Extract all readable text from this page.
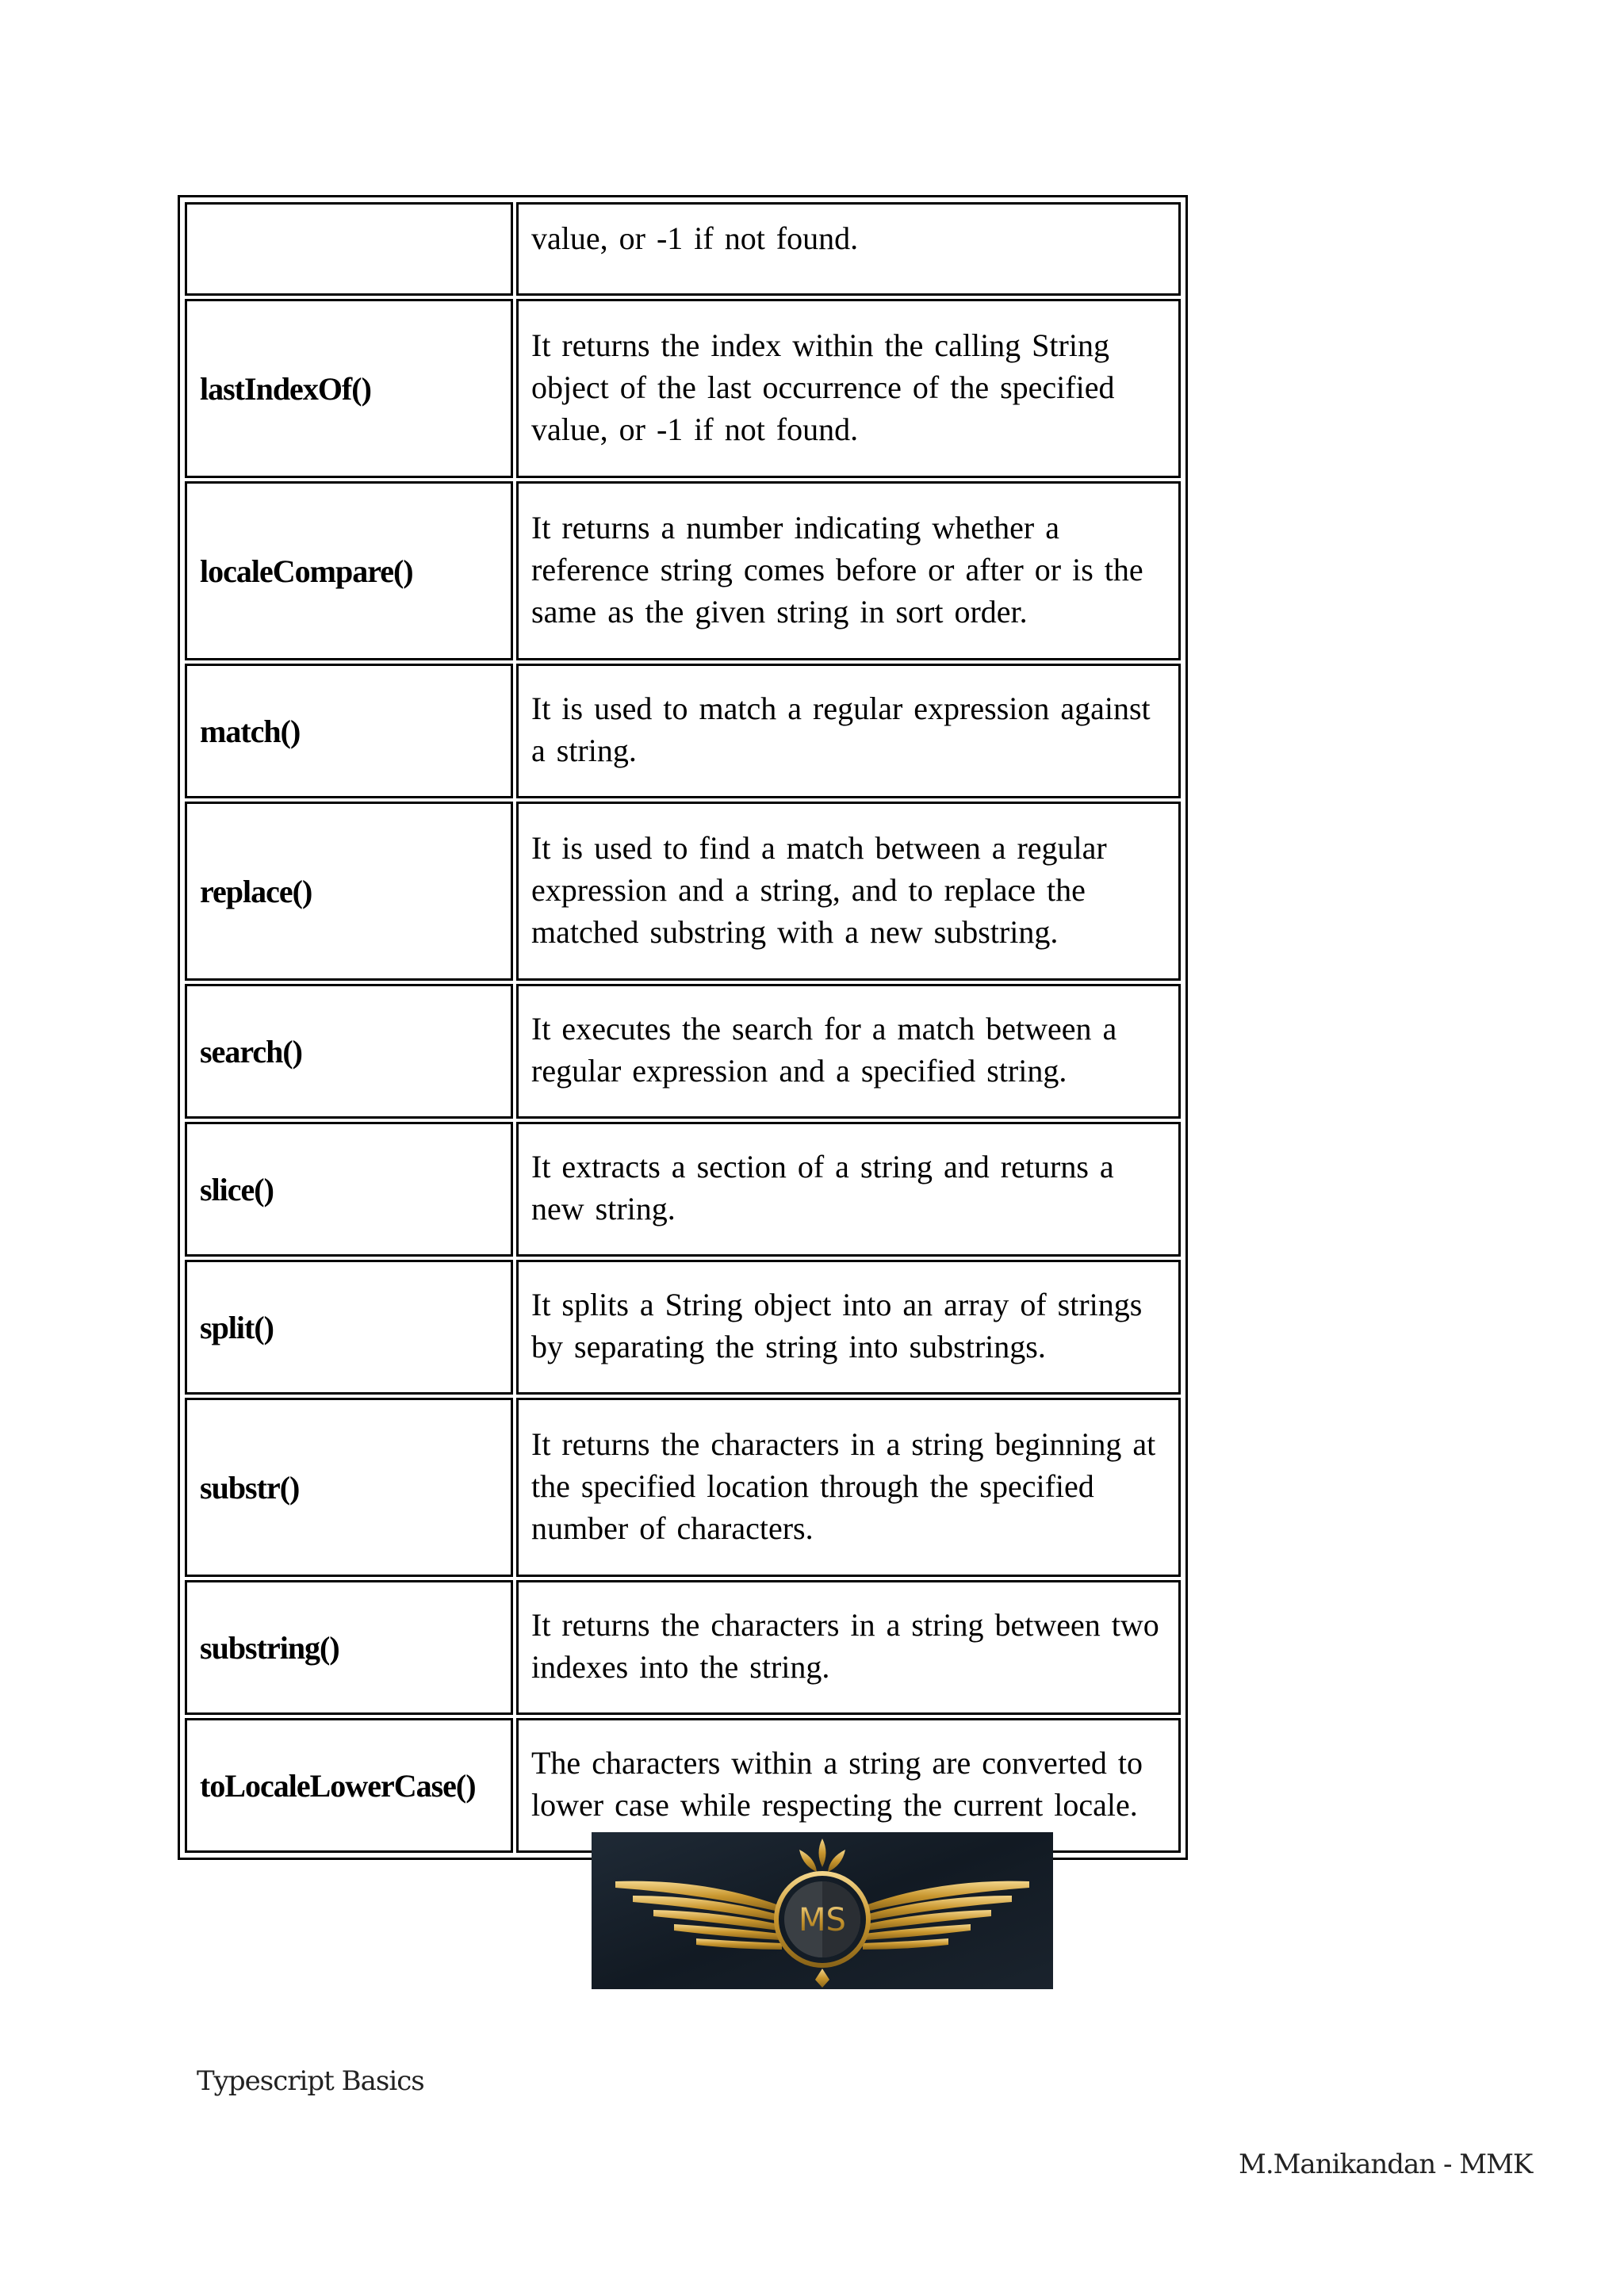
	value, or -1 if not found.
lastIndexOf()	It returns the index within the calling String object of the last occurrence of the specified value, or -1 if not found.
localeCompare()	It returns a number indicating whether a reference string comes before or after or is the same as the given string in sort order.
match()	It is used to match a regular expression against a string.
replace()	It is used to find a match between a regular expression and a string, and to replace the matched substring with a new substring.
search()	It executes the search for a match between a regular expression and a specified string.
slice()	It extracts a section of a string and returns a new string.
split()	It splits a String object into an array of strings by separating the string into substrings.
substr()	It returns the characters in a string beginning at the specified location through the specified number of characters.
substring()	It returns the characters in a string between two indexes into the string.
toLocaleLowerCase()	The characters within a string are converted to lower case while respecting the current locale.
MS
Typescript Basics
M.Manikandan - MMK
